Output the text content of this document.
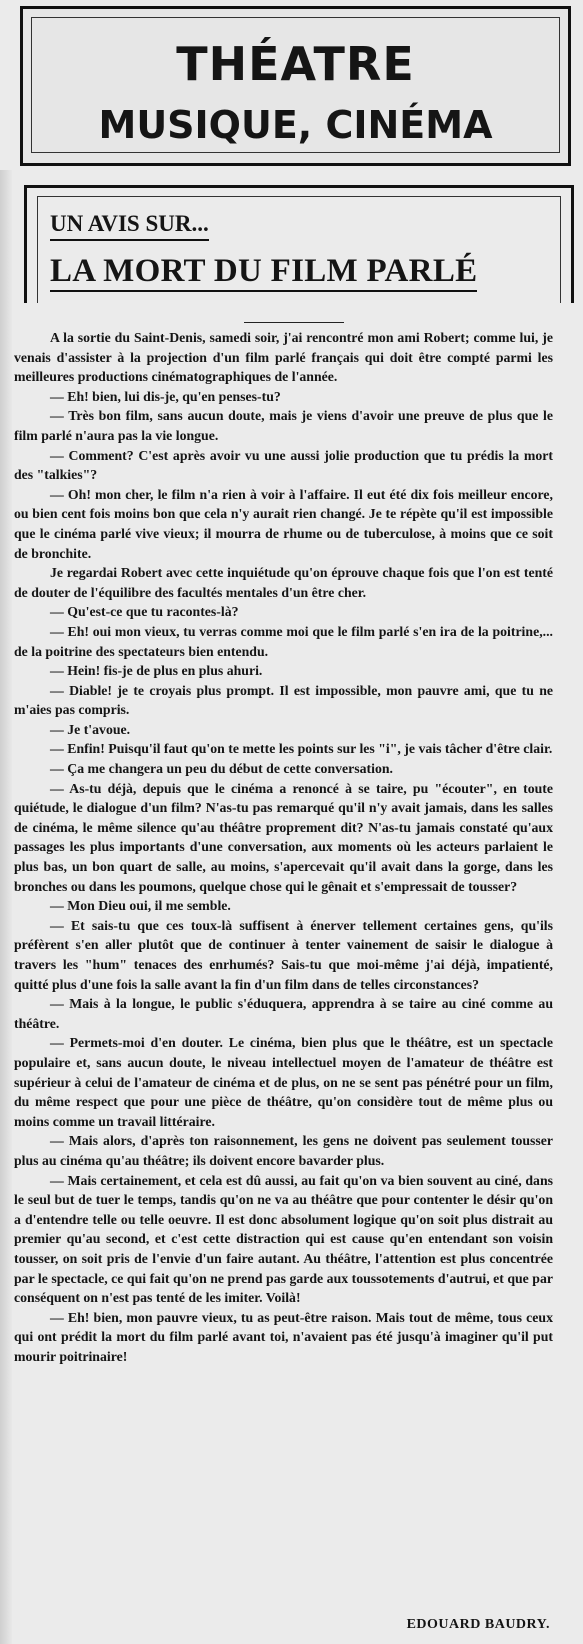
THÉATRE
MUSIQUE, CINÉMA
UN AVIS SUR...
LA MORT DU FILM PARLÉ

A la sortie du Saint-Denis, samedi soir, j'ai rencontré mon ami Robert; comme lui, je venais d'assister à la projection d'un film parlé français qui doit être compté parmi les meilleures productions cinématographiques de l'année.

— Eh! bien, lui dis-je, qu'en penses-tu?

— Très bon film, sans aucun doute, mais je viens d'avoir une preuve de plus que le film parlé n'aura pas la vie longue.

— Comment? C'est après avoir vu une aussi jolie production que tu prédis la mort des "talkies"?

— Oh! mon cher, le film n'a rien à voir à l'affaire. Il eut été dix fois meilleur encore, ou bien cent fois moins bon que cela n'y aurait rien changé. Je te répète qu'il est impossible que le cinéma parlé vive vieux; il mourra de rhume ou de tuberculose, à moins que ce soit de bronchite.

Je regardai Robert avec cette inquiétude qu'on éprouve chaque fois que l'on est tenté de douter de l'équilibre des facultés mentales d'un être cher.

— Qu'est-ce que tu racontes-là?

— Eh! oui mon vieux, tu verras comme moi que le film parlé s'en ira de la poitrine,... de la poitrine des spectateurs bien entendu.

— Hein! fis-je de plus en plus ahuri.

— Diable! je te croyais plus prompt. Il est impossible, mon pauvre ami, que tu ne m'aies pas compris.

— Je t'avoue.

— Enfin! Puisqu'il faut qu'on te mette les points sur les "i", je vais tâcher d'être clair.

— Ça me changera un peu du début de cette conversation.

— As-tu déjà, depuis que le cinéma a renoncé à se taire, pu "écouter", en toute quiétude, le dialogue d'un film? N'as-tu pas remarqué qu'il n'y avait jamais, dans les salles de cinéma, le même silence qu'au théâtre proprement dit? N'as-tu jamais constaté qu'aux passages les plus importants d'une conversation, aux moments où les acteurs parlaient le plus bas, un bon quart de salle, au moins, s'apercevait qu'il avait dans la gorge, dans les bronches ou dans les poumons, quelque chose qui le gênait et s'empressait de tousser?

— Mon Dieu oui, il me semble.

— Et sais-tu que ces toux-là suffisent à énerver tellement certaines gens, qu'ils préfèrent s'en aller plutôt que de continuer à tenter vainement de saisir le dialogue à travers les "hum" tenaces des enrhumés? Sais-tu que moi-même j'ai déjà, impatienté, quitté plus d'une fois la salle avant la fin d'un film dans de telles circonstances?

— Mais à la longue, le public s'éduquera, apprendra à se taire au ciné comme au théâtre.

— Permets-moi d'en douter. Le cinéma, bien plus que le théâtre, est un spectacle populaire et, sans aucun doute, le niveau intellectuel moyen de l'amateur de théâtre est supérieur à celui de l'amateur de cinéma et de plus, on ne se sent pas pénétré pour un film, du même respect que pour une pièce de théâtre, qu'on considère tout de même plus ou moins comme un travail littéraire.

— Mais alors, d'après ton raisonnement, les gens ne doivent pas seulement tousser plus au cinéma qu'au théâtre; ils doivent encore bavarder plus.

— Mais certainement, et cela est dû aussi, au fait qu'on va bien souvent au ciné, dans le seul but de tuer le temps, tandis qu'on ne va au théâtre que pour contenter le désir qu'on a d'entendre telle ou telle oeuvre. Il est donc absolument logique qu'on soit plus distrait au premier qu'au second, et c'est cette distraction qui est cause qu'en entendant son voisin tousser, on soit pris de l'envie d'un faire autant. Au théâtre, l'attention est plus concentrée par le spectacle, ce qui fait qu'on ne prend pas garde aux toussotements d'autrui, et que par conséquent on n'est pas tenté de les imiter. Voilà!

— Eh! bien, mon pauvre vieux, tu as peut-être raison. Mais tout de même, tous ceux qui ont prédit la mort du film parlé avant toi, n'avaient pas été jusqu'à imaginer qu'il put mourir poitrinaire!

EDOUARD BAUDRY.
